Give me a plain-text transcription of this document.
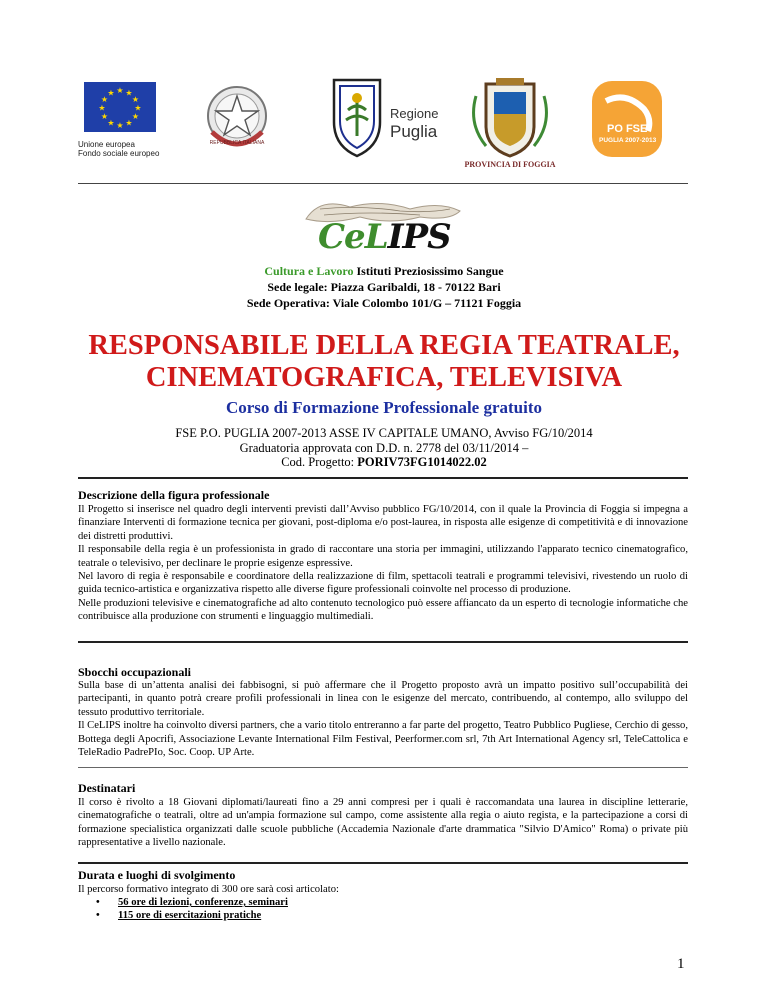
★ ★
★
★
★
★
★
★
★
★
★
★
Unione europea
Fondo sociale europeo
REPUBBLICA ITALIANA
Regione
Puglia
PROVINCIA DI FOGGIA
PO FSE
PUGLIA 2007-2013
CeLIPS
Cultura e Lavoro Istituti Preziosissimo Sangue
Sede legale: Piazza Garibaldi, 18 - 70122 Bari
Sede Operativa: Viale Colombo 101/G – 71121 Foggia
RESPONSABILE DELLA REGIA TEATRALE,
CINEMATOGRAFICA, TELEVISIVA
Corso di Formazione Professionale gratuito
FSE P.O. PUGLIA 2007-2013 ASSE IV CAPITALE UMANO, Avviso FG/10/2014
Graduatoria approvata con D.D. n. 2778 del 03/11/2014 –
Cod. Progetto: PORIV73FG1014022.02
Descrizione della figura professionale

Il Progetto si inserisce nel quadro degli interventi previsti dall’Avviso pubblico FG/10/2014, con il quale la Provincia di Foggia si impegna a finanziare Interventi di formazione tecnica per giovani, post-diploma e/o post-laurea, in risposta alle esigenze di competitività e di innovazione dei distretti produttivi.

Il responsabile della regia è un professionista in grado di raccontare una storia per immagini, utilizzando l'apparato tecnico cinematografico, teatrale o televisivo, per declinare le proprie esigenze espressive.

Nel lavoro di regia è responsabile e coordinatore della realizzazione di film, spettacoli teatrali e programmi televisivi, rivestendo un ruolo di guida tecnico-artistica e organizzativa rispetto alle diverse figure professionali coinvolte nel processo di produzione.

Nelle produzioni televisive e cinematografiche ad alto contenuto tecnologico può essere affiancato da un esperto di tecnologie informatiche che contribuisce alla produzione con strumenti e linguaggio multimediali.

Sbocchi occupazionali

Sulla base di un’attenta analisi dei fabbisogni, si può affermare che il Progetto proposto avrà un impatto positivo sull’occupabilità dei partecipanti, in quanto potrà creare profili professionali in linea con le esigenze del mercato, contribuendo, al contempo, allo sviluppo del tessuto produttivo territoriale.

Il CeLIPS inoltre ha coinvolto diversi partners, che a vario titolo entreranno a far parte del progetto, Teatro Pubblico Pugliese, Cerchio di gesso, Bottega degli Apocrifi, Associazione Levante International Film Festival, Peerformer.com srl, 7th Art International Agency srl, TeleCattolica e TeleRadio PadrePIo, Soc. Coop. UP Arte.

Destinatari

Il corso è rivolto a 18 Giovani diplomati/laureati fino a 29 anni compresi per i quali è raccomandata una laurea in discipline letterarie, cinematografiche o teatrali, oltre ad un'ampia formazione sul campo, come assistente alla regia o aiuto regista, e la partecipazione a corsi di formazione specialistica organizzati dalle scuole pubbliche (Accademia Nazionale d'arte drammatica "Silvio D'Amico" Roma) o private più rappresentative a livello nazionale.

Durata e luoghi di svolgimento

Il percorso formativo integrato di 300 ore sarà così articolato:

• 56 ore di lezioni, conferenze, seminari
• 115 ore di esercitazioni pratiche
1
